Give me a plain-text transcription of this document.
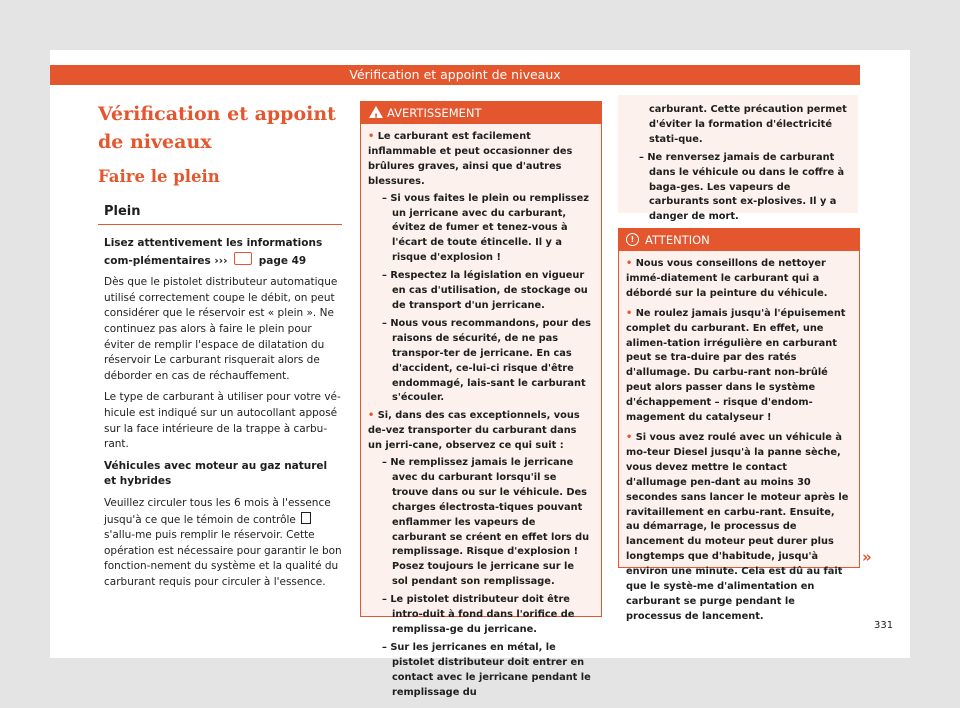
Vérification et appoint de niveaux
Vérification et appoint de niveaux
Faire le plein
Plein

Lisez attentivement les informations com-plémentaires ›››  page 49

Dès que le pistolet distributeur automatique utilisé correctement coupe le débit, on peut considérer que le réservoir est « plein ». Ne continuez pas alors à faire le plein pour éviter de remplir l'espace de dilatation du réservoir Le carburant risquerait alors de déborder en cas de réchauffement.

Le type de carburant à utiliser pour votre vé-hicule est indiqué sur un autocollant apposé sur la face intérieure de la trappe à carbu-rant.

Véhicules avec moteur au gaz naturel et hybrides

Veuillez circuler tous les 6 mois à l'essence jusqu'à ce que le témoin de contrôle  s'allu-me puis remplir le réservoir. Cette opération est nécessaire pour garantir le bon fonction-nement du système et la qualité du carburant requis pour circuler à l'essence.

!
AVERTISSEMENT
• Le carburant est facilement inflammable et peut occasionner des brûlures graves, ainsi que d'autres blessures.
– Si vous faites le plein ou remplissez un jerricane avec du carburant, évitez de fumer et tenez-vous à l'écart de toute étincelle. Il y a risque d'explosion !
– Respectez la législation en vigueur en cas d'utilisation, de stockage ou de transport d'un jerricane.
– Nous vous recommandons, pour des raisons de sécurité, de ne pas transpor-ter de jerricane. En cas d'accident, ce-lui-ci risque d'être endommagé, lais-sant le carburant s'écouler.
• Si, dans des cas exceptionnels, vous de-vez transporter du carburant dans un jerri-cane, observez ce qui suit :
– Ne remplissez jamais le jerricane avec du carburant lorsqu'il se trouve dans ou sur le véhicule. Des charges électrosta-tiques pouvant enflammer les vapeurs de carburant se créent en effet lors du remplissage. Risque d'explosion ! Posez toujours le jerricane sur le sol pendant son remplissage.
– Le pistolet distributeur doit être intro-duit à fond dans l'orifice de remplissa-ge du jerricane.
– Sur les jerricanes en métal, le pistolet distributeur doit entrer en contact avec le jerricane pendant le remplissage du
carburant. Cette précaution permet d'éviter la formation d'électricité stati-que.
– Ne renversez jamais de carburant dans le véhicule ou dans le coffre à baga-ges. Les vapeurs de carburants sont ex-plosives. Il y a danger de mort.
! ATTENTION
• Nous vous conseillons de nettoyer immé-diatement le carburant qui a débordé sur la peinture du véhicule.
• Ne roulez jamais jusqu'à l'épuisement complet du carburant. En effet, une alimen-tation irrégulière en carburant peut se tra-duire par des ratés d'allumage. Du carbu-rant non-brûlé peut alors passer dans le système d'échappement – risque d'endom-magement du catalyseur !
• Si vous avez roulé avec un véhicule à mo-teur Diesel jusqu'à la panne sèche, vous devez mettre le contact d'allumage pen-dant au moins 30 secondes sans lancer le moteur après le ravitaillement en carbu-rant. Ensuite, au démarrage, le processus de lancement du moteur peut durer plus longtemps que d'habitude, jusqu'à environ une minute. Cela est dû au fait que le systè-me d'alimentation en carburant se purge pendant le processus de lancement.
»
331
